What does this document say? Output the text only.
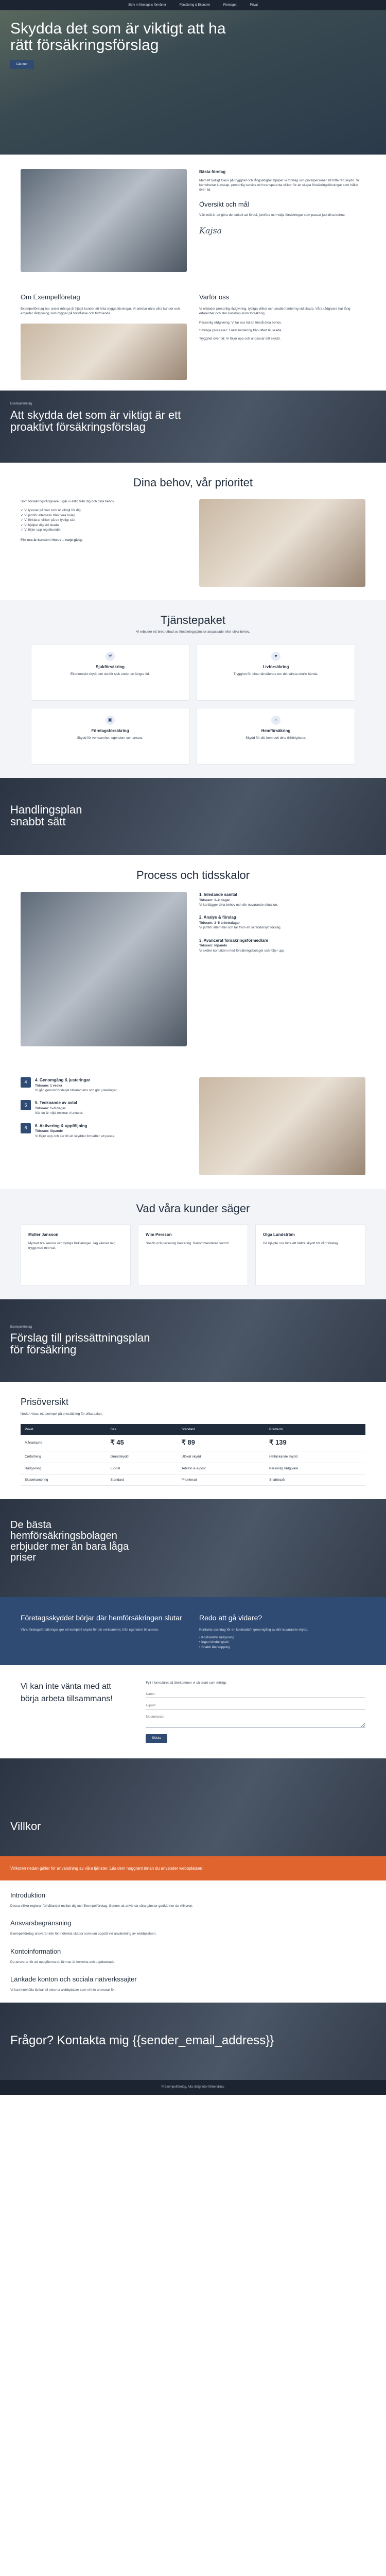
Skriv in företagets förmåner	Försäkring & Ekonomi	Företaget	Privat
Skydda det som är viktigt att ha rätt försäkringsförslag
Läs mer
Bästa företag

Med ett tydligt fokus på trygghet och långsiktighet hjälper vi företag och privatpersoner att hitta rätt skydd. Vi kombinerar kunskap, personlig service och transparenta villkor för att skapa försäkringslösningar som håller över tid.

Översikt och mål

Vårt mål är att göra det enkelt att förstå, jämföra och välja försäkringar som passar just dina behov.

Kajsa
Om Exempelföretag

Exempelföretag har under många år hjälpt kunder att hitta trygga lösningar. Vi arbetar nära våra kunder och erbjuder rådgivning som bygger på förståelse och förtroende.

Varför oss

Vi erbjuder personlig rådgivning, tydliga villkor och snabb hantering vid skada. Våra rådgivare har lång erfarenhet och stor kunskap inom försäkring.

Personlig rådgivning: Vi tar oss tid att förstå dina behov.

Smidiga processer: Enkel hantering från offert till skada.

Trygghet över tid: Vi följer upp och anpassar ditt skydd.

Exempelföretag
Att skydda det som är viktigt är ett proaktivt försäkringsförslag
Dina behov, vår prioritet

Som försäkringsrådgivare utgår vi alltid från dig och dina behov.

✓ Vi lyssnar på vad som är viktigt för dig

✓ Vi jämför alternativ från flera bolag

✓ Vi förklarar villkor på ett tydligt sätt

✓ Vi hjälper dig vid skada

✓ Vi följer upp regelbundet

För oss är kunden i fokus – varje gång.

Tjänstepaket

Vi erbjuder ett brett utbud av försäkringstjänster anpassade efter olika behov.

⛨
Sjukförsäkring

Ekonomiskt skydd om du blir sjuk under en längre tid.

♥
Livförsäkring

Trygghet för dina närstående om det värsta skulle hända.

▣
Företagsförsäkring

Skydd för verksamhet, egendom och ansvar.

⌂
Hemförsäkring

Skydd för ditt hem och dina tillhörigheter.

Handlingsplan snabbt sätt
Process och tidsskalor
1. Inledande samtal

Tidsram: 1–2 dagar

Vi kartlägger dina behov och din nuvarande situation.

2. Analys & förslag

Tidsram: 3–5 arbetsdagar

Vi jämför alternativ och tar fram ett skräddarsytt förslag.

3. Avancerat försäkringsförmedlare

Tidsram: löpande

Vi sköter kontakten med försäkringsbolaget och följer upp.

4	4. Genomgång & justeringar

Tidsram: 1 vecka

Vi går igenom förslaget tillsammans och gör justeringar.

5	5. Tecknande av avtal

Tidsram: 1–3 dagar

När du är nöjd tecknar vi avtalet.

6	6. Aktivering & uppföljning

Tidsram: löpande

Vi följer upp och ser till att skyddet fortsätter att passa.

Vad våra kunder säger
Moller Jansson

Mycket bra service och tydliga förklaringar. Jag känner mig trygg med mitt val.

Wim Persson

Snabb och personlig hantering. Rekommenderas varmt!

Olga Lundström

De hjälpte oss hitta ett bättre skydd för vårt företag.

Exempelföretag
Förslag till prissättningsplan för försäkring
Prisöversikt

Nedan visas ett exempel på prissättning för olika paket.

Paket	Bas	Standard	Premium
Månadspris	₹ 45	₹ 89	₹ 139
Omfattning	Grundskydd	Utökat skydd	Heltäckande skydd
Rådgivning	E-post	Telefon & e-post	Personlig rådgivare
Skadehantering	Standard	Prioriterad	Snabbspår
De bästa hemförsäkringsbolagen erbjuder mer än bara låga priser
Företagsskyddet börjar där hemförsäkringen slutar

Våra företagsförsäkringar ger ett komplett skydd för din verksamhet, från egendom till ansvar.

Redo att gå vidare?

Kontakta oss idag för en kostnadsfri genomgång av ditt nuvarande skydd.

• Kostnadsfri rådgivning

• Ingen bindningstid

• Snabb återkoppling

Vi kan inte vänta med att börja arbeta tillsammans!

Fyll i formuläret så återkommer vi så snart som möjligt.

Namn E-post Meddelande Skicka
Villkor

Villkoren nedan gäller för användning av våra tjänster. Läs dem noggrant innan du använder webbplatsen.

Introduktion

Dessa villkor reglerar förhållandet mellan dig och Exempelföretag. Genom att använda våra tjänster godkänner du villkoren.

Ansvarsbegränsning

Exempelföretag ansvarar inte för indirekta skador som kan uppstå vid användning av webbplatsen.

Kontoinformation

Du ansvarar för att uppgifterna du lämnar är korrekta och uppdaterade.

Länkade konton och sociala nätverkssajter

Vi kan innehålla länkar till externa webbplatser som vi inte ansvarar för.

Frågor? Kontakta mig {{sender_email_address}}
© Exempelföretag. Alla rättigheter förbehållna.
